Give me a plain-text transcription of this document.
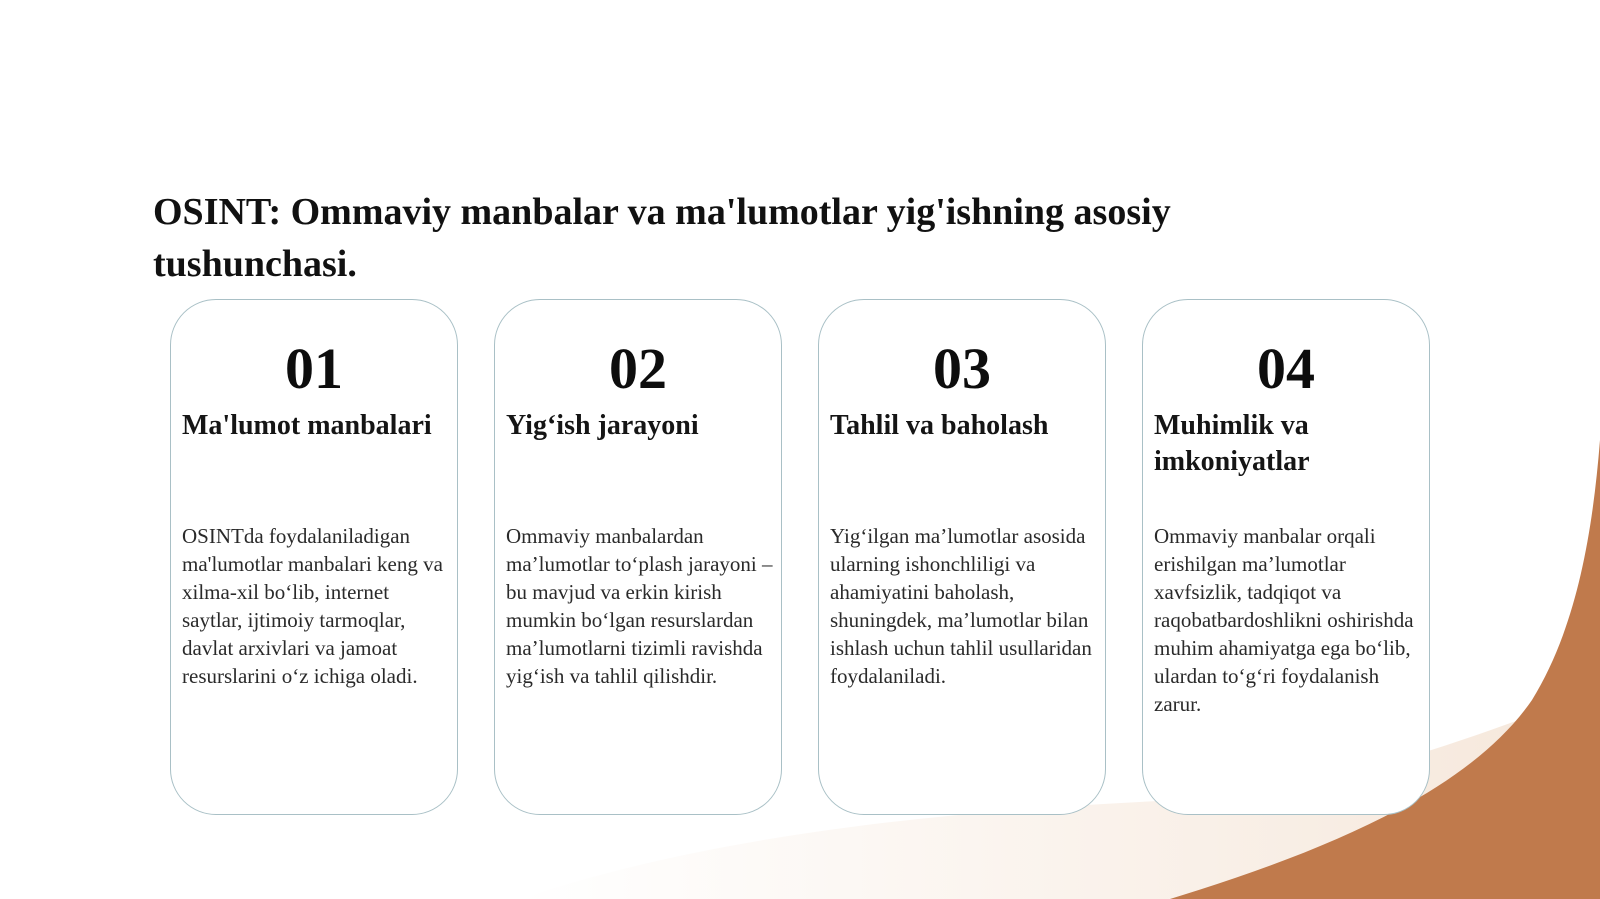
OSINT: Ommaviy manbalar va ma'lumotlar yig'ishning asosiy tushunchasi.
01
Ma'lumot manbalari

OSINTda foydalaniladigan ma'lumotlar manbalari keng va xilma-xil bo‘lib, internet saytlar, ijtimoiy tarmoqlar, davlat arxivlari va jamoat resurslarini o‘z ichiga oladi.

02
Yig‘ish jarayoni

Ommaviy manbalardan ma’lumotlar to‘plash jarayoni – bu mavjud va erkin kirish mumkin bo‘lgan resurslardan ma’lumotlarni tizimli ravishda yig‘ish va tahlil qilishdir.

03
Tahlil va baholash

Yig‘ilgan ma’lumotlar asosida ularning ishonchliligi va ahamiyatini baholash, shuningdek, ma’lumotlar bilan ishlash uchun tahlil usullaridan foydalaniladi.

04
Muhimlik va imkoniyatlar

Ommaviy manbalar orqali erishilgan ma’lumotlar xavfsizlik, tadqiqot va raqobatbardoshlikni oshirishda muhim ahamiyatga ega bo‘lib, ulardan to‘g‘ri foydalanish zarur.
